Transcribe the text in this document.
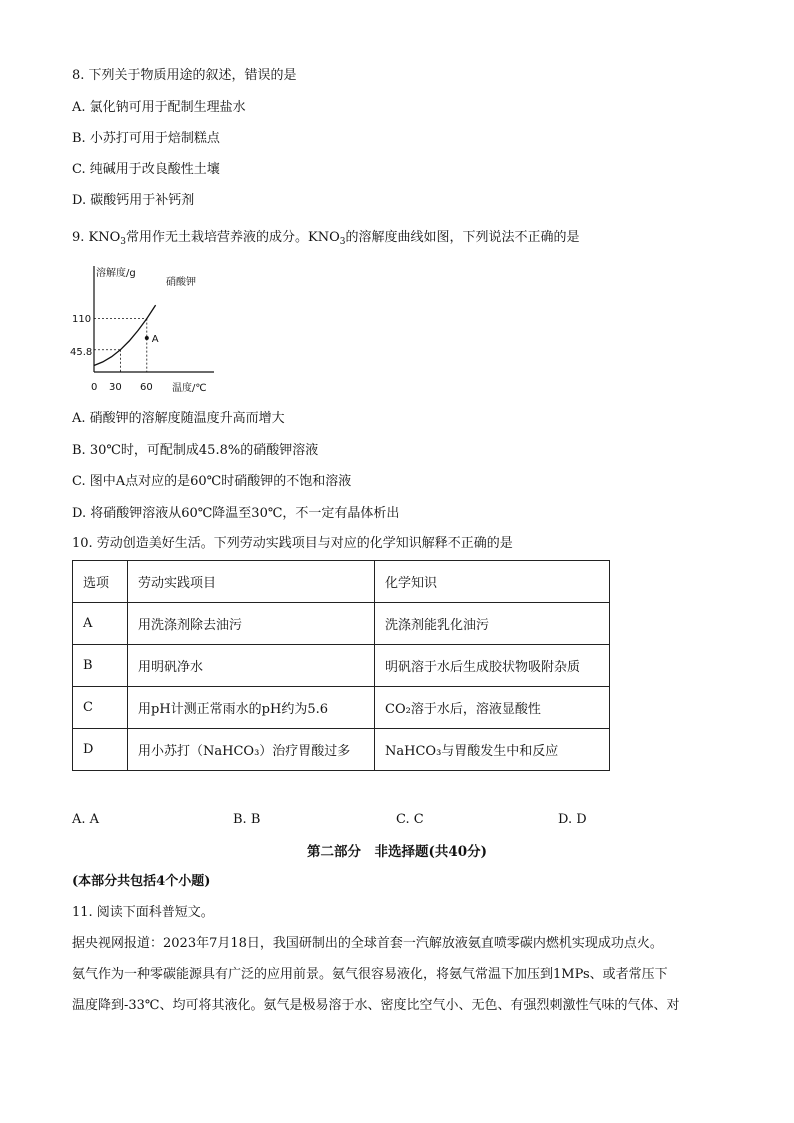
8. 下列关于物质用途的叙述，错误的是
A. 氯化钠可用于配制生理盐水
B. 小苏打可用于焙制糕点
C. 纯碱用于改良酸性土壤
D. 碳酸钙用于补钙剂
9. $KNO_3$常用作无土栽培营养液的成分。$KNO_3$的溶解度曲线如图，下列说法不正确的是
溶解度/g
温度/℃
硝酸钾
110
45.8
0 30 60
A
A. 硝酸钾的溶解度随温度升高而增大
B. 30℃时，可配制成45.8%的硝酸钾溶液
C. 图中A点对应的是60℃时硝酸钾的不饱和溶液
D. 将硝酸钾溶液从60℃降温至30℃，不一定有晶体析出
10. 劳动创造美好生活。下列劳动实践项目与对应的化学知识解释不正确的是
选项	劳动实践项目	化学知识
A	用洗涤剂除去油污	洗涤剂能乳化油污
B	用明矾净水	明矾溶于水后生成胶状物吸附杂质
C	用pH计测正常雨水的pH约为5.6	CO₂溶于水后，溶液显酸性
D	用小苏打（NaHCO₃）治疗胃酸过多	NaHCO₃与胃酸发生中和反应
A. A	B. B	C. C	D. D
第二部分　非选择题(共40分)
(本部分共包括4个小题)
11. 阅读下面科普短文。
据央视网报道：2023年7月18日，我国研制出的全球首套一汽解放液氨直喷零碳内燃机实现成功点火。
氨气作为一种零碳能源具有广泛的应用前景。氨气很容易液化，将氨气常温下加压到1MPs、或者常压下
温度降到-33℃、均可将其液化。氨气是极易溶于水、密度比空气小、无色、有强烈刺激性气味的气体、对
